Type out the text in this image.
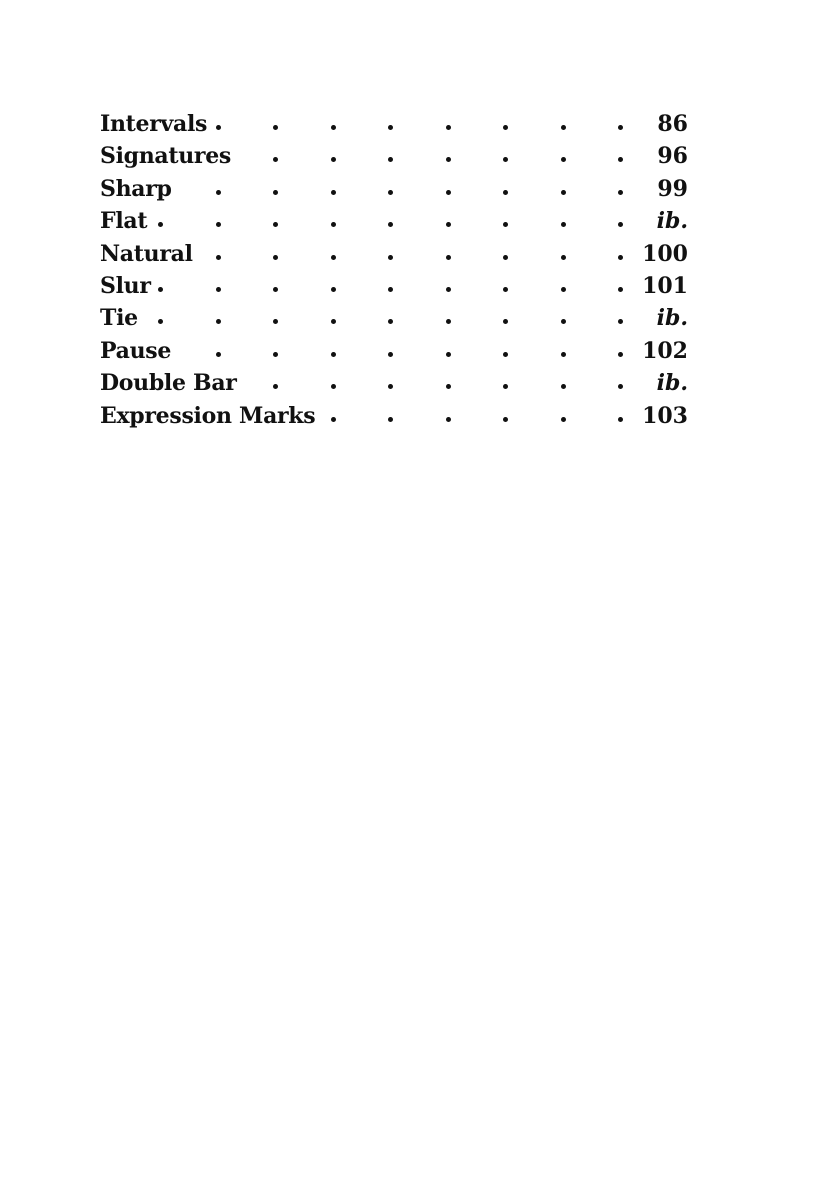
Intervals	86
Signatures	96
Sharp	99
Flat	ib.
Natural	100
Slur	101
Tie	ib.
Pause	102
Double Bar	ib.
Expression Marks	103
